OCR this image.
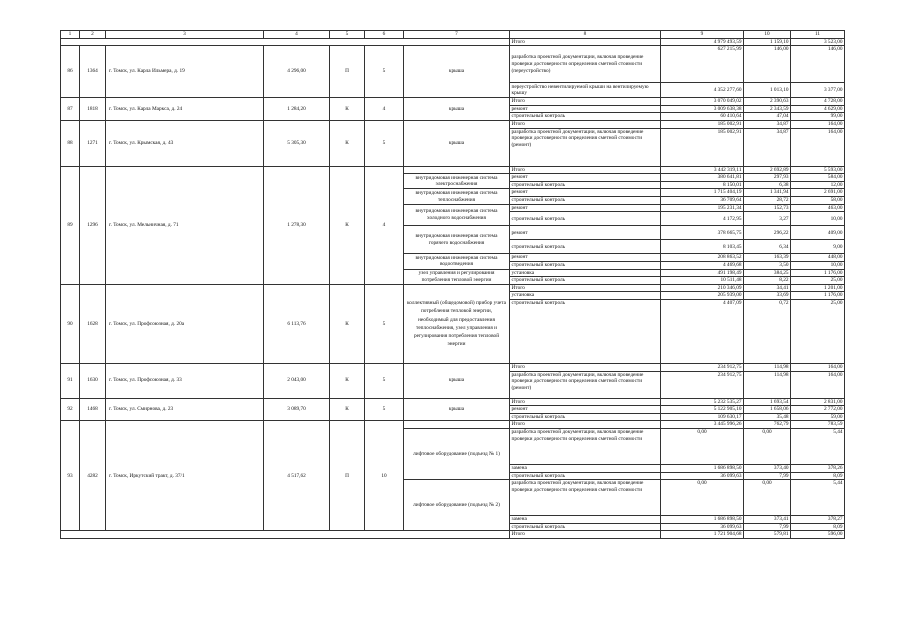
1	2	3	4	5	6	7	8	9	10	11
							Итого	4 979 493,59	1 159,10	3 523,00
86	1364	г. Томск, ул. Карла Ильмера, д. 19	4 296,00	П	5	крыша	разработка проектной документации, включая проведение проверки достоверности определения сметной стоимости (переустройство)	627 215,99	146,00	146,00
							переустройство невентилируемой крыши на вентилируемую крышу	4 352 277,60	1 013,10	3 377,00
87	1818	г. Томск, ул. Карла Маркса, д. 24	1 284,20	К	4	крыша	Итого	3 070 049,02	2 390,63	4 728,00
							ремонт	3 009 638,38	2 343,59	4 629,00
							строительный контроль	60 410,64	47,04	99,00
88	1271	г. Томск, ул. Крымская, д. 43	5 305,30	К	5	крыша	Итого	185 002,91	34,87	164,00
							разработка проектной документации, включая проведение проверки достоверности определения сметной стоимости (ремонт)	185 002,91	34,87	164,00
89	1296	г. Томск, ул. Мельничная, д. 71	1 278,30	К	4		Итого	3 442 319,11	2 692,89	5 593,00
						внутридомовая инженерная система электроснабжения	ремонт	380 641,81	297,93	584,00
							строительный контроль	8 150,01	6,38	12,00
						внутридомовая инженерная система теплоснабжения	ремонт	1 715 404,19	1 341,94	2 691,00
							строительный контроль	36 709,64	28,72	58,00
						внутридомовая инженерная система холодного водоснабжения	ремонт	195 231,34	152,73	463,00
							строительный контроль	4 172,95	3,27	10,00
						внутридомовая инженерная система горячего водоснабжения	ремонт	378 665,75	296,22	409,00
							строительный контроль	8 103,45	6,34	9,00
						внутридомовая инженерная система водоотведения	ремонт	208 863,52	163,39	448,00
							строительный контроль	4 469,68	3,50	10,00
						узел управления и регулирования потребления тепловой энергии	установка	491 198,49	384,25	1 176,00
							строительный контроль	10 511,48	8,22	25,00
90	1628	г. Томск, ул. Профсоюзная, д. 20а	6 113,76	К	5	коллективный (общедомовой) прибор учета потребления тепловой энергии, необходимый для предоставления теплоснабжения, узел управления и регулирования потребления тепловой энергии	Итого	210 346,09	34,41	1 201,00
							установка	205 939,00	33,69	1 176,00
							строительный контроль	4 407,09	0,72	25,00
91	1630	г. Томск, ул. Профсоюзная, д. 33	2 043,00	К	5	крыша	Итого	234 912,75	114,98	164,00
							разработка проектной документации, включая проведение проверки достоверности определения сметной стоимости (ремонт)	234 912,75	114,98	164,00
92	1468	г. Томск, ул. Смирнова, д. 23	3 089,70	К	5	крыша	Итого	5 232 535,27	1 693,54	2 831,00
							ремонт	5 122 905,10	1 658,06	2 772,00
							строительный контроль	109 630,17	35,48	59,00
93	4282	г. Томск, Иркутский тракт, д. 37/1	4 517,62	П	10		Итого	3 445 996,26	762,79	783,59
						лифтовое оборудование (подъезд № 1)	разработка проектной документации, включая проведение проверки достоверности определения сметной стоимости	0,00	0,00	5,44
							замена	1 686 898,50	373,40	378,26
							строительный контроль	36 099,63	7,99	8,09
						лифтовое оборудование (подъезд № 2)	разработка проектной документации, включая проведение проверки достоверности определения сметной стоимости	0,00	0,00	5,44
							замена	1 686 898,50	373,41	378,27
							строительный контроль	36 099,63	7,99	8,09
							Итого	1 721 904,68	579,81	596,00
